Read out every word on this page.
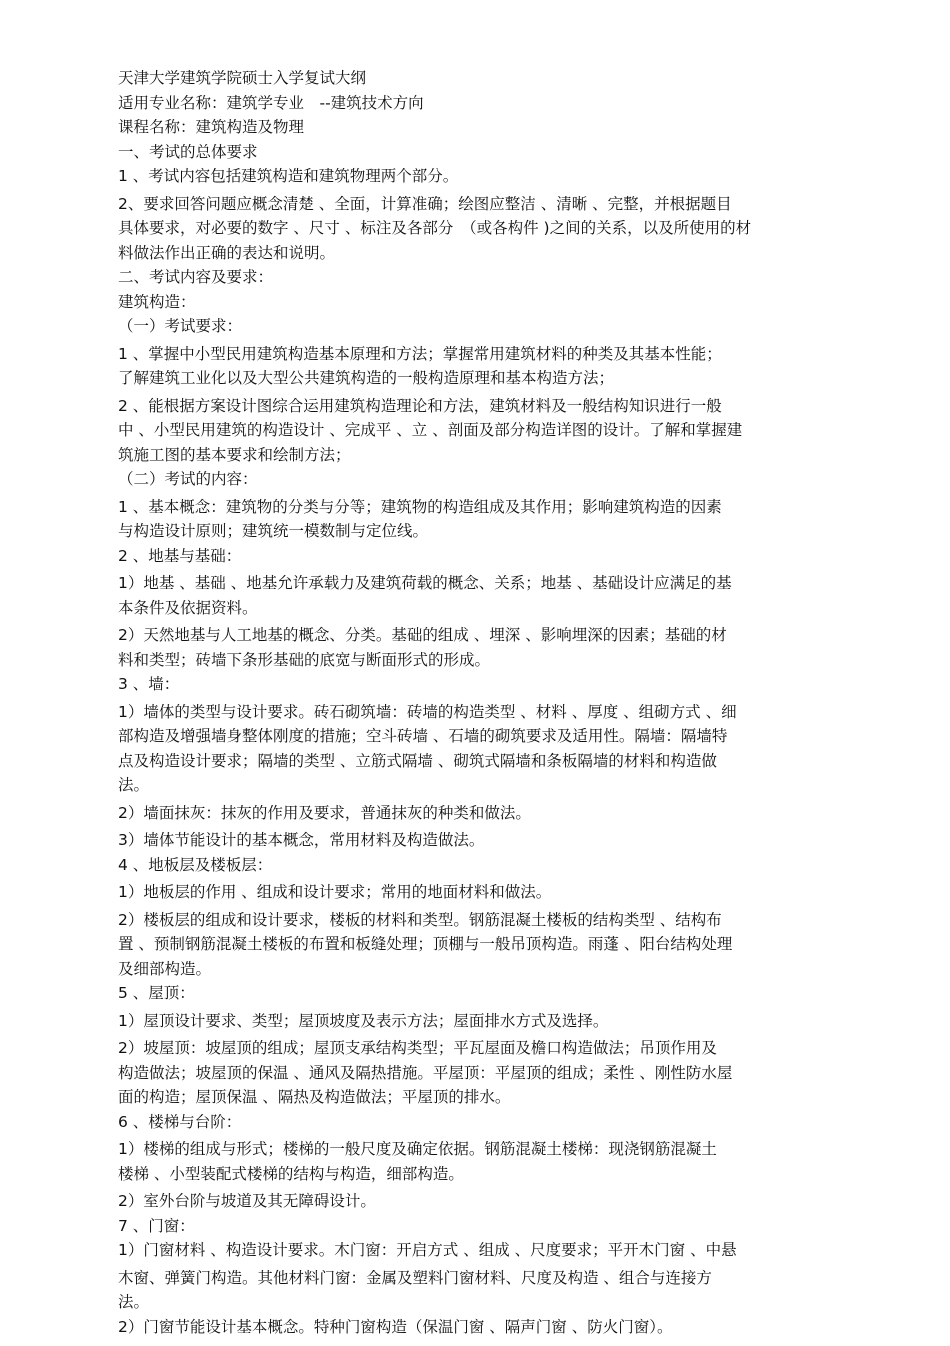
天津大学建筑学院硕士入学复试大纲
适用专业名称：建筑学专业　--建筑技术方向
课程名称：建筑构造及物理
一、考试的总体要求
1 、考试内容包括建筑构造和建筑物理两个部分。
2、要求回答问题应概念清楚 、全面，计算准确；绘图应整洁 、清晰 、完整，并根据题目
具体要求，对必要的数字 、尺寸 、标注及各部分　（或各构件 )之间的关系，以及所使用的材
料做法作出正确的表达和说明。
二、考试内容及要求：
建筑构造：
（一）考试要求：
1 、掌握中小型民用建筑构造基本原理和方法；掌握常用建筑材料的种类及其基本性能；
了解建筑工业化以及大型公共建筑构造的一般构造原理和基本构造方法；
2 、能根据方案设计图综合运用建筑构造理论和方法，建筑材料及一般结构知识进行一般
中 、小型民用建筑的构造设计 、完成平 、立 、剖面及部分构造详图的设计。了解和掌握建
筑施工图的基本要求和绘制方法；
（二）考试的内容：
1 、基本概念：建筑物的分类与分等；建筑物的构造组成及其作用；影响建筑构造的因素
与构造设计原则；建筑统一模数制与定位线。
2 、地基与基础：
1）地基 、基础 、地基允许承载力及建筑荷载的概念、关系；地基 、基础设计应满足的基
本条件及依据资料。
2）天然地基与人工地基的概念、分类。基础的组成 、埋深 、影响埋深的因素；基础的材
料和类型；砖墙下条形基础的底宽与断面形式的形成。
3 、墙：
1）墙体的类型与设计要求。砖石砌筑墙：砖墙的构造类型 、材料 、厚度 、组砌方式 、细
部构造及增强墙身整体刚度的措施；空斗砖墙 、石墙的砌筑要求及适用性。隔墙：隔墙特
点及构造设计要求；隔墙的类型 、立筋式隔墙 、砌筑式隔墙和条板隔墙的材料和构造做
法。
2）墙面抹灰：抹灰的作用及要求，普通抹灰的种类和做法。
3）墙体节能设计的基本概念，常用材料及构造做法。
4 、地板层及楼板层：
1）地板层的作用 、组成和设计要求；常用的地面材料和做法。
2）楼板层的组成和设计要求，楼板的材料和类型。钢筋混凝土楼板的结构类型 、结构布
置 、预制钢筋混凝土楼板的布置和板缝处理；顶棚与一般吊顶构造。雨蓬 、阳台结构处理
及细部构造。
5 、屋顶：
1）屋顶设计要求、类型；屋顶坡度及表示方法；屋面排水方式及选择。
2）坡屋顶：坡屋顶的组成；屋顶支承结构类型；平瓦屋面及檐口构造做法；吊顶作用及
构造做法；坡屋顶的保温 、通风及隔热措施。平屋顶：平屋顶的组成；柔性 、刚性防水屋
面的构造；屋顶保温 、隔热及构造做法；平屋顶的排水。
6 、楼梯与台阶：
1）楼梯的组成与形式；楼梯的一般尺度及确定依据。钢筋混凝土楼梯：现浇钢筋混凝土
楼梯 、小型装配式楼梯的结构与构造，细部构造。
2）室外台阶与坡道及其无障碍设计。
7 、门窗：
1）门窗材料 、构造设计要求。木门窗：开启方式 、组成 、尺度要求；平开木门窗 、中悬
木窗、弹簧门构造。其他材料门窗：金属及塑料门窗材料、尺度及构造 、组合与连接方
法。
2）门窗节能设计基本概念。特种门窗构造（保温门窗 、隔声门窗 、防火门窗）。
